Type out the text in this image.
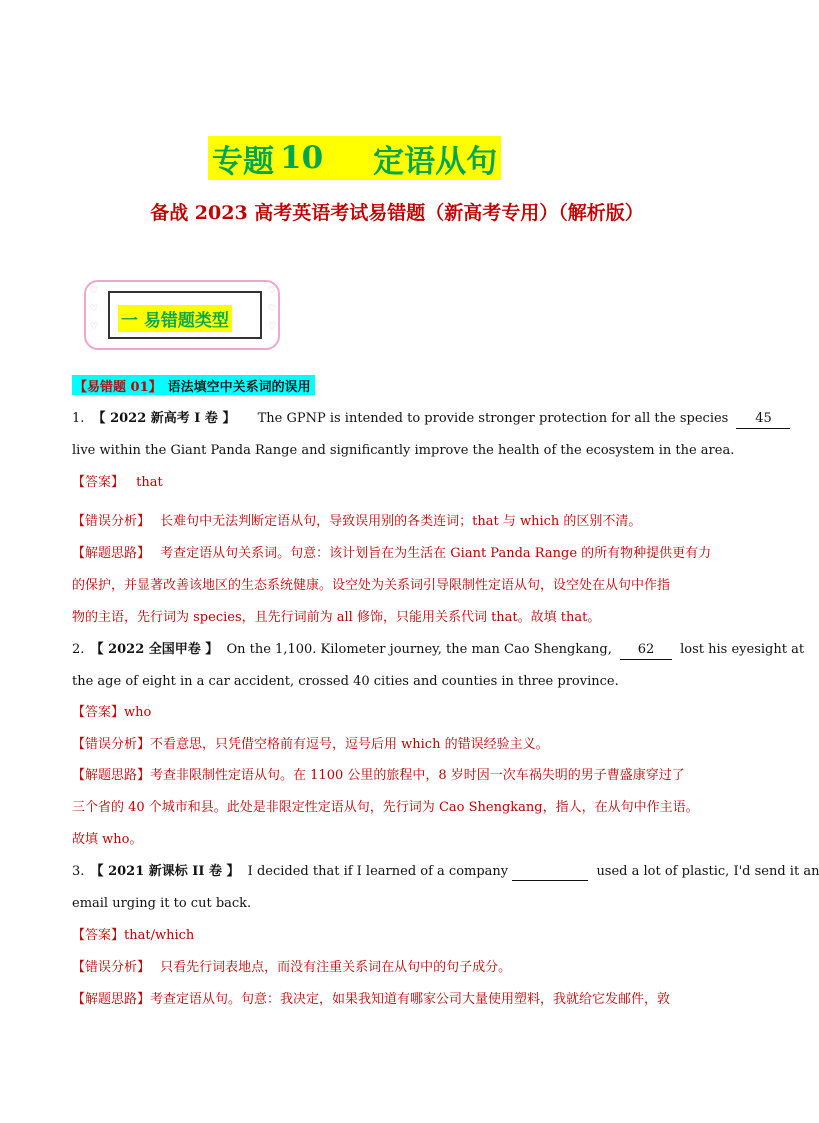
专题 10 定语从句
备战 2023 高考英语考试易错题（新高考专用）（解析版）
♡
♡
♡
♡
♡
♡
一 易错题类型
【易错题 01】 语法填空中关系词的误用
1. 【 2022 新高考 I 卷 】 The GPNP is intended to provide stronger protection for all the species 45
live within the Giant Panda Range and significantly improve the health of the ecosystem in the area.
【答案】 that
【错误分析】 长难句中无法判断定语从句，导致误用别的各类连词；that 与 which 的区别不清。
【解题思路】 考查定语从句关系词。句意：该计划旨在为生活在 Giant Panda Range 的所有物种提供更有力
的保护，并显著改善该地区的生态系统健康。设空处为关系词引导限制性定语从句，设空处在从句中作指
物的主语，先行词为 species，且先行词前为 all 修饰，只能用关系代词 that。故填 that。
2. 【 2022 全国甲卷 】 On the 1,100. Kilometer journey, the man Cao Shengkang, 62 lost his eyesight at
the age of eight in a car accident, crossed 40 cities and counties in three province.
【答案】who
【错误分析】不看意思，只凭借空格前有逗号，逗号后用 which 的错误经验主义。
【解题思路】考查非限制性定语从句。在 1100 公里的旅程中，8 岁时因一次车祸失明的男子曹盛康穿过了
三个省的 40 个城市和县。此处是非限定性定语从句，先行词为 Cao Shengkang，指人，在从句中作主语。
故填 who。
3. 【 2021 新课标 II 卷 】 I decided that if I learned of a company	used a lot of plastic, I'd send it an
email urging it to cut back.
【答案】that/which
【错误分析】 只看先行词表地点，而没有注重关系词在从句中的句子成分。
【解题思路】考查定语从句。句意：我决定，如果我知道有哪家公司大量使用塑料，我就给它发邮件，敦
